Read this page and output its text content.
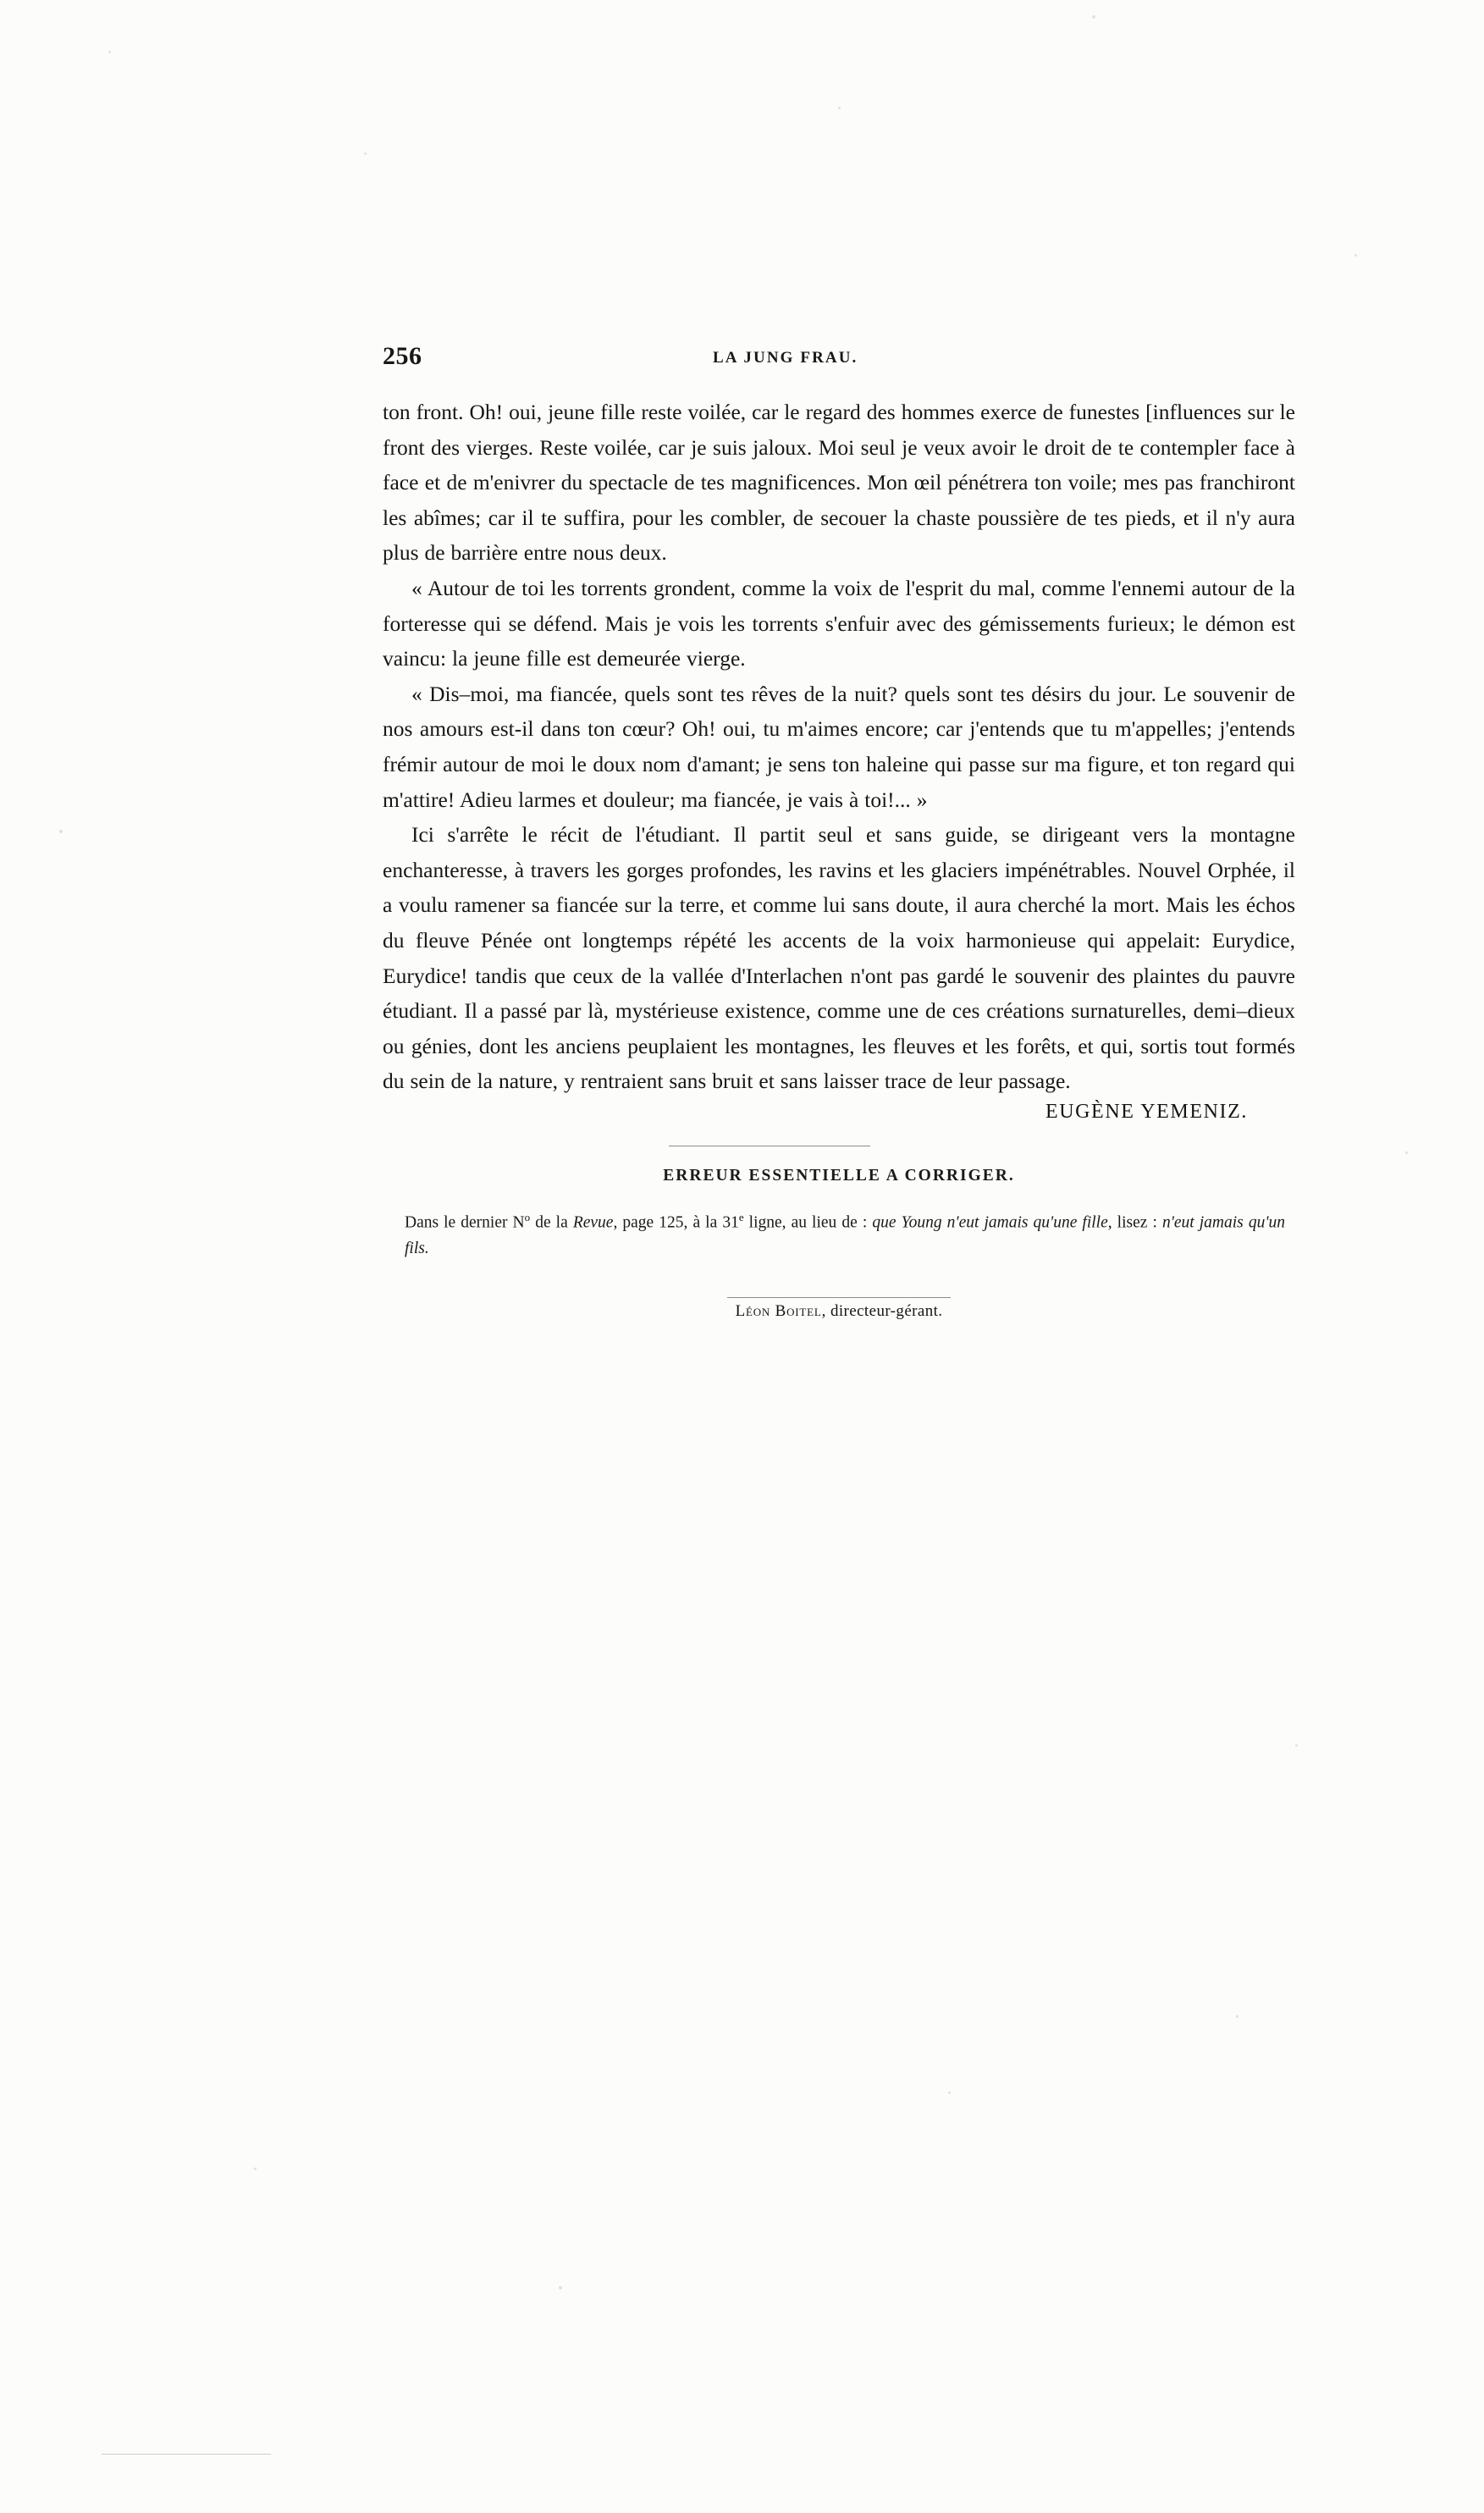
256	LA JUNG FRAU.

ton front. Oh! oui, jeune fille reste voilée, car le regard des hommes exerce de funestes [influences sur le front des vierges. Reste voilée, car je suis jaloux. Moi seul je veux avoir le droit de te contempler face à face et de m'enivrer du spectacle de tes magnificences. Mon œil pénétrera ton voile; mes pas franchiront les abîmes; car il te suffira, pour les combler, de secouer la chaste poussière de tes pieds, et il n'y aura plus de barrière entre nous deux.

« Autour de toi les torrents grondent, comme la voix de l'esprit du mal, comme l'ennemi autour de la forteresse qui se défend. Mais je vois les torrents s'enfuir avec des gémissements furieux; le démon est vaincu: la jeune fille est demeurée vierge.

« Dis–moi, ma fiancée, quels sont tes rêves de la nuit? quels sont tes désirs du jour. Le souvenir de nos amours est-il dans ton cœur? Oh! oui, tu m'aimes encore; car j'entends que tu m'appelles; j'entends frémir autour de moi le doux nom d'amant; je sens ton haleine qui passe sur ma figure, et ton regard qui m'attire! Adieu larmes et douleur; ma fiancée, je vais à toi!... »

Ici s'arrête le récit de l'étudiant. Il partit seul et sans guide, se dirigeant vers la montagne enchanteresse, à travers les gorges profondes, les ravins et les glaciers impénétrables. Nouvel Orphée, il a voulu ramener sa fiancée sur la terre, et comme lui sans doute, il aura cherché la mort. Mais les échos du fleuve Pénée ont longtemps répété les accents de la voix harmonieuse qui appelait: Eurydice, Eurydice! tandis que ceux de la vallée d'Interlachen n'ont pas gardé le souvenir des plaintes du pauvre étudiant. Il a passé par là, mystérieuse existence, comme une de ces créations surnaturelles, demi–dieux ou génies, dont les anciens peuplaient les montagnes, les fleuves et les forêts, et qui, sortis tout formés du sein de la nature, y rentraient sans bruit et sans laisser trace de leur passage.

EUGÈNE YEMENIZ.
ERREUR ESSENTIELLE A CORRIGER.

Dans le dernier $N^o$ de la Revue, page 125, à la 31e ligne, au lieu de : que Young n'eut jamais qu'une fille, lisez : n'eut jamais qu'un fils.

Léon Boitel, directeur-gérant.
